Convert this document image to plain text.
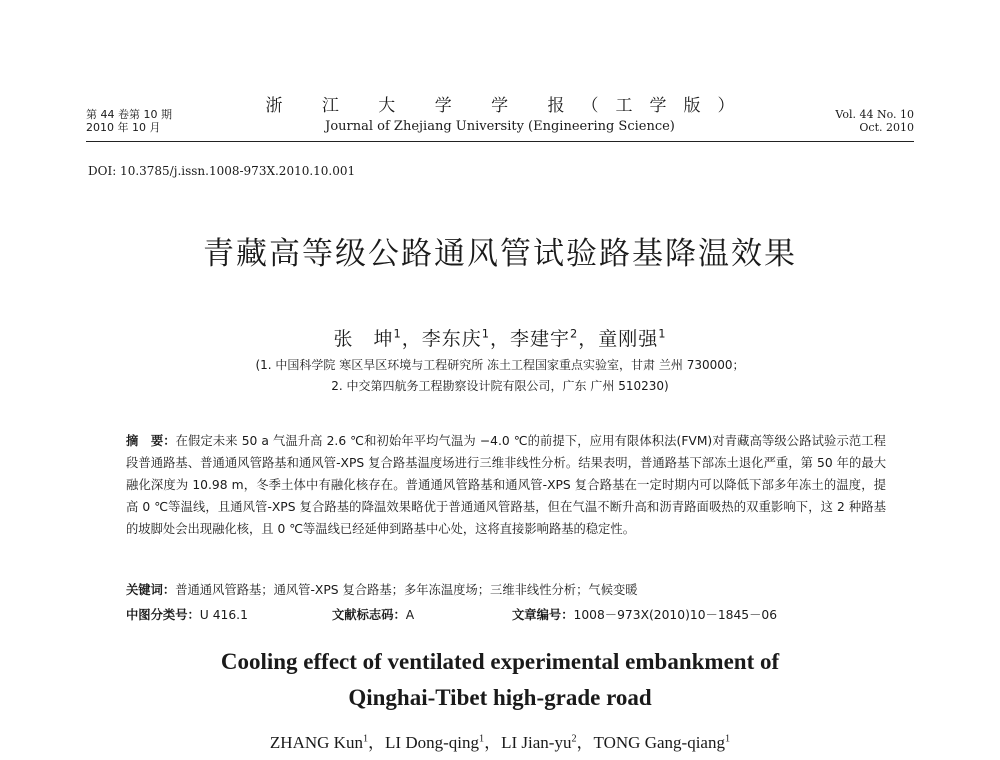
第 44 卷第 10 期
2010 年 10 月
浙 江 大 学 学 报（工学版）
Journal of Zhejiang University (Engineering Science)
Vol. 44 No. 10
Oct. 2010
DOI: 10.3785/j.issn.1008-973X.2010.10.001
青藏高等级公路通风管试验路基降温效果
张　坤$^1$，李东庆$^1$，李建宇$^2$，童刚强$^1$
(1. 中国科学院 寒区旱区环境与工程研究所 冻土工程国家重点实验室，甘肃 兰州 730000；
2. 中交第四航务工程勘察设计院有限公司，广东 广州 510230)
摘　要：在假定未来 50 a 气温升高 2.6 ℃和初始年平均气温为 −4.0 ℃的前提下，应用有限体积法(FVM)对青藏高等级公路试验示范工程段普通路基、普通通风管路基和通风管-XPS 复合路基温度场进行三维非线性分析。结果表明，普通路基下部冻土退化严重，第 50 年的最大融化深度为 10.98 m，冬季土体中有融化核存在。普通通风管路基和通风管-XPS 复合路基在一定时期内可以降低下部多年冻土的温度，提高 0 ℃等温线，且通风管-XPS 复合路基的降温效果略优于普通通风管路基，但在气温不断升高和沥青路面吸热的双重影响下，这 2 种路基的坡脚处会出现融化核，且 0 ℃等温线已经延伸到路基中心处，这将直接影响路基的稳定性。
关键词：普通通风管路基；通风管-XPS 复合路基；多年冻温度场；三维非线性分析；气候变暖
中图分类号：U 416.1	文献标志码：A	文章编号：1008－973X(2010)10－1845－06
Cooling effect of ventilated experimental embankment of
Qinghai-Tibet high-grade road
ZHANG Kun$^1$，LI Dong-qing$^1$，LI Jian-$yu^2$，TONG Gang-qiang$^1$
